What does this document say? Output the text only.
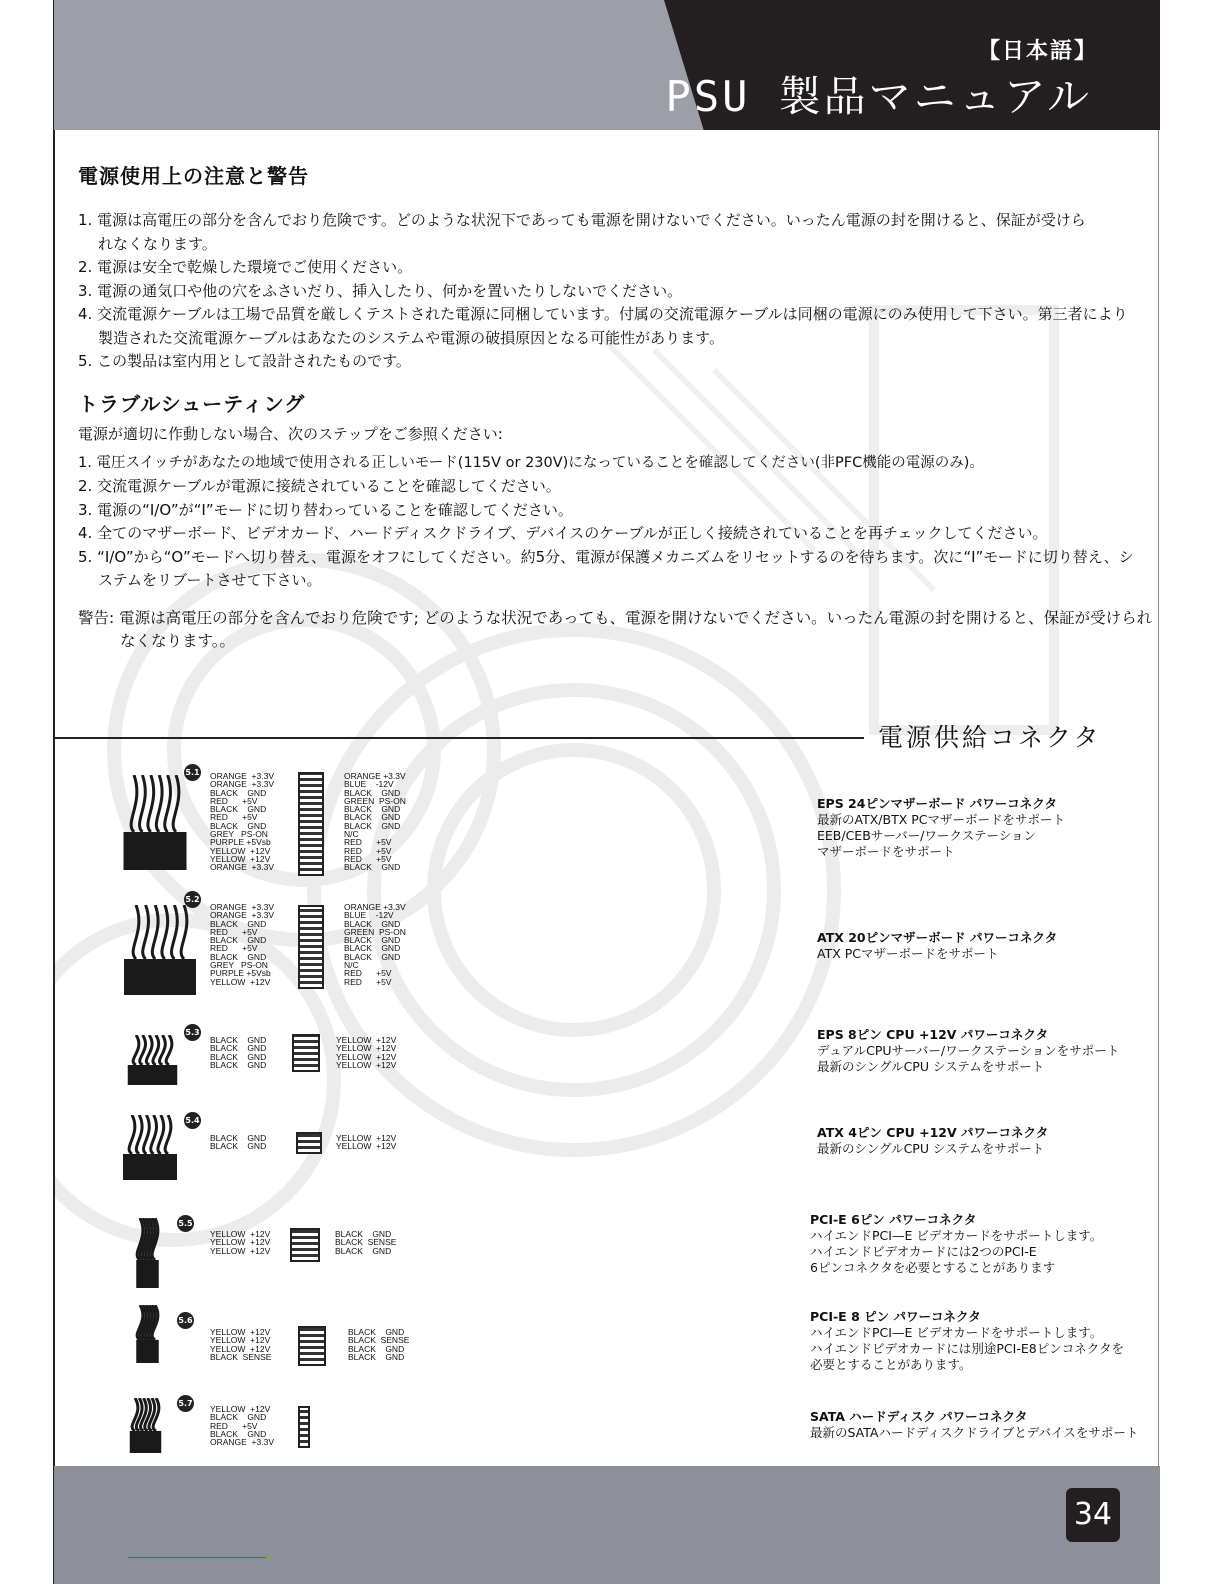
【日本語】
PSU 製品マニュアル
電源使用上の注意と警告
1. 電源は高電圧の部分を含んでおり危険です。どのような状況下であっても電源を開けないでください。いったん電源の封を開けると、保証が受けられなくなります。
2. 電源は安全で乾燥した環境でご使用ください。
3. 電源の通気口や他の穴をふさいだり、挿入したり、何かを置いたりしないでください。
4. 交流電源ケーブルは工場で品質を厳しくテストされた電源に同梱しています。付属の交流電源ケーブルは同梱の電源にのみ使用して下さい。第三者により製造された交流電源ケーブルはあなたのシステムや電源の破損原因となる可能性があります。
5. この製品は室内用として設計されたものです。
トラブルシューティング
電源が適切に作動しない場合、次のステップをご参照ください:
1. 電圧スイッチがあなたの地域で使用される正しいモード(115V or 230V)になっていることを確認してください(非PFC機能の電源のみ)。
2. 交流電源ケーブルが電源に接続されていることを確認してください。
3. 電源の“I/O”が“I”モードに切り替わっていることを確認してください。
4. 全てのマザーボード、ビデオカード、ハードディスクドライブ、デバイスのケーブルが正しく接続されていることを再チェックしてください。
5. “I/O”から“O”モードへ切り替え、電源をオフにしてください。約5分、電源が保護メカニズムをリセットするのを待ちます。次に“I”モードに切り替え、システムをリブートさせて下さい。
警告: 電源は高電圧の部分を含んでおり危険です; どのような状況であっても、電源を開けないでください。いったん電源の封を開けると、保証が受けられなくなります。。
電源供給コネクタ
5.1 ORANGE  +3.3V
ORANGE  +3.3V
BLACK    GND
RED      +5V
BLACK    GND
RED      +5V
BLACK    GND
GREY   PS-ON
PURPLE +5Vsb
YELLOW  +12V
YELLOW  +12V
ORANGE  +3.3V
ORANGE +3.3V
BLUE    -12V
BLACK    GND
GREEN  PS-ON
BLACK    GND
BLACK    GND
BLACK    GND
N/C
RED      +5V
RED      +5V
RED      +5V
BLACK    GND
EPS 24ピンマザーボード パワーコネクタ
最新のATX/BTX PCマザーボードをサポート
EEB/CEBサーバー/ワークステーション
マザーボードをサポート
5.2
ORANGE  +3.3V
ORANGE  +3.3V
BLACK    GND
RED      +5V
BLACK    GND
RED      +5V
BLACK    GND
GREY   PS-ON
PURPLE +5Vsb
YELLOW  +12V
ORANGE +3.3V
BLUE    -12V
BLACK    GND
GREEN  PS-ON
BLACK    GND
BLACK    GND
BLACK    GND
N/C
RED      +5V
RED      +5V
ATX 20ピンマザーボード パワーコネクタ
ATX PCマザーボードをサポート
5.3
BLACK    GND
BLACK    GND
BLACK    GND
BLACK    GND
YELLOW  +12V
YELLOW  +12V
YELLOW  +12V
YELLOW  +12V
EPS 8ピン CPU +12V パワーコネクタ
デュアルCPUサーバー/ワークステーションをサポート
最新のシングルCPU システムをサポート
5.4
BLACK    GND
BLACK    GND
YELLOW  +12V
YELLOW  +12V
ATX 4ピン CPU +12V パワーコネクタ
最新のシングルCPU システムをサポート
5.5
YELLOW  +12V
YELLOW  +12V
YELLOW  +12V
BLACK    GND
BLACK  SENSE
BLACK    GND
PCI-E 6ピン パワーコネクタ
ハイエンドPCI—E ビデオカードをサポートします。
ハイエンドビデオカードには2つのPCI-E
6ピンコネクタを必要とすることがあります
5.6
YELLOW  +12V
YELLOW  +12V
YELLOW  +12V
BLACK  SENSE
BLACK    GND
BLACK  SENSE
BLACK    GND
BLACK    GND
PCI-E 8 ピン パワーコネクタ
ハイエンドPCI—E ビデオカードをサポートします。
ハイエンドビデオカードには別途PCI-E8ピンコネクタを
必要とすることがあります。
5.7
YELLOW  +12V
BLACK    GND
RED      +5V
BLACK    GND
ORANGE  +3.3V
SATA ハードディスク パワーコネクタ
最新のSATAハードディスクドライブとデバイスをサポート
34
